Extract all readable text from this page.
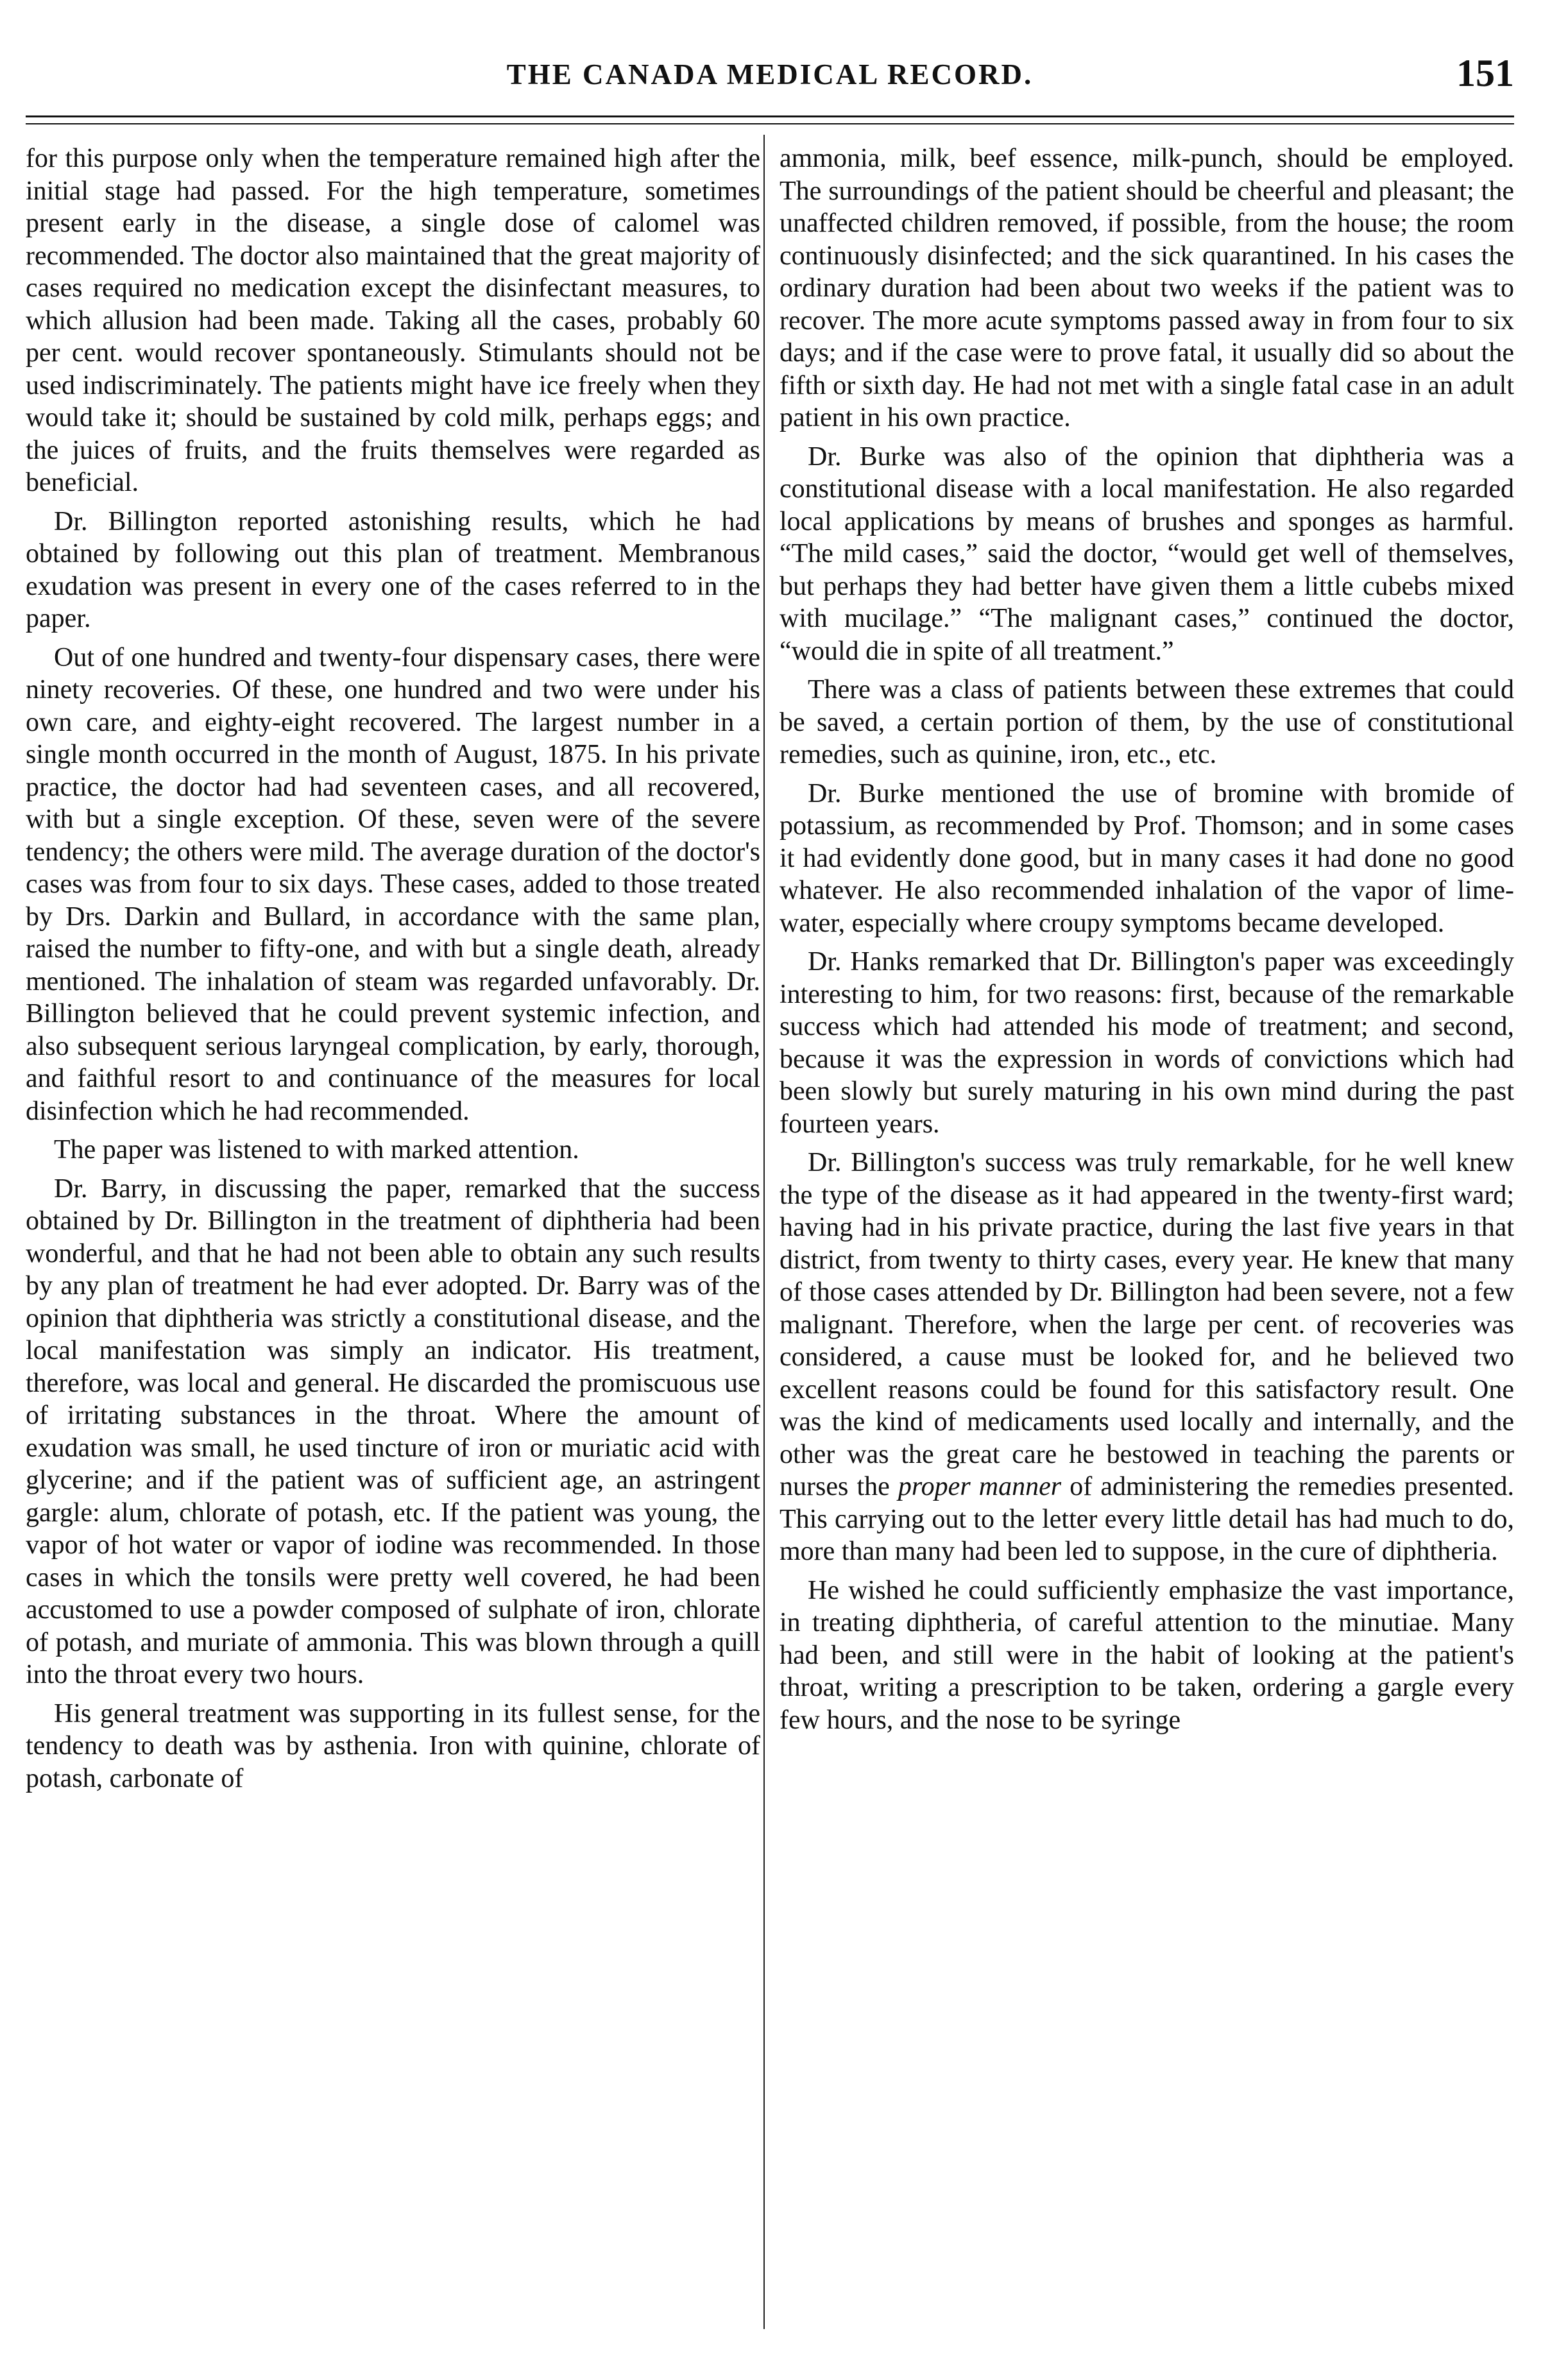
THE CANADA MEDICAL RECORD.	151

for this purpose only when the temperature remained high after the initial stage had passed. For the high temperature, sometimes present early in the disease, a single dose of calomel was recommended. The doctor also maintained that the great majority of cases required no medication except the disinfectant measures, to which allusion had been made. Taking all the cases, probably 60 per cent. would recover spontaneously. Stimulants should not be used indiscriminately. The patients might have ice freely when they would take it; should be sustained by cold milk, perhaps eggs; and the juices of fruits, and the fruits themselves were regarded as beneficial.

Dr. Billington reported astonishing results, which he had obtained by following out this plan of treatment. Membranous exudation was present in every one of the cases referred to in the paper.

Out of one hundred and twenty-four dispensary cases, there were ninety recoveries. Of these, one hundred and two were under his own care, and eighty-eight recovered. The largest number in a single month occurred in the month of August, 1875. In his private practice, the doctor had had seventeen cases, and all recovered, with but a single exception. Of these, seven were of the severe tendency; the others were mild. The average duration of the doctor's cases was from four to six days. These cases, added to those treated by Drs. Darkin and Bullard, in accordance with the same plan, raised the number to fifty-one, and with but a single death, already mentioned. The inhalation of steam was regarded unfavorably. Dr. Billington believed that he could prevent systemic infection, and also subsequent serious laryngeal complication, by early, thorough, and faithful resort to and continuance of the measures for local disinfection which he had recommended.

The paper was listened to with marked attention.

Dr. Barry, in discussing the paper, remarked that the success obtained by Dr. Billington in the treatment of diphtheria had been wonderful, and that he had not been able to obtain any such results by any plan of treatment he had ever adopted. Dr. Barry was of the opinion that diphtheria was strictly a constitutional disease, and the local manifestation was simply an indicator. His treatment, therefore, was local and general. He discarded the promiscuous use of irritating substances in the throat. Where the amount of exudation was small, he used tincture of iron or muriatic acid with glycerine; and if the patient was of sufficient age, an astringent gargle: alum, chlorate of potash, etc. If the patient was young, the vapor of hot water or vapor of iodine was recommended. In those cases in which the tonsils were pretty well covered, he had been accustomed to use a powder composed of sulphate of iron, chlorate of potash, and muriate of ammonia. This was blown through a quill into the throat every two hours.

His general treatment was supporting in its fullest sense, for the tendency to death was by asthenia. Iron with quinine, chlorate of potash, carbonate of

ammonia, milk, beef essence, milk-punch, should be employed. The surroundings of the patient should be cheerful and pleasant; the unaffected children removed, if possible, from the house; the room continuously disinfected; and the sick quarantined. In his cases the ordinary duration had been about two weeks if the patient was to recover. The more acute symptoms passed away in from four to six days; and if the case were to prove fatal, it usually did so about the fifth or sixth day. He had not met with a single fatal case in an adult patient in his own practice.

Dr. Burke was also of the opinion that diphtheria was a constitutional disease with a local manifestation. He also regarded local applications by means of brushes and sponges as harmful. “The mild cases,” said the doctor, “would get well of themselves, but perhaps they had better have given them a little cubebs mixed with mucilage.” “The malignant cases,” continued the doctor, “would die in spite of all treatment.”

There was a class of patients between these extremes that could be saved, a certain portion of them, by the use of constitutional remedies, such as quinine, iron, etc., etc.

Dr. Burke mentioned the use of bromine with bromide of potassium, as recommended by Prof. Thomson; and in some cases it had evidently done good, but in many cases it had done no good whatever. He also recommended inhalation of the vapor of lime-water, especially where croupy symptoms became developed.

Dr. Hanks remarked that Dr. Billington's paper was exceedingly interesting to him, for two reasons: first, because of the remarkable success which had attended his mode of treatment; and second, because it was the expression in words of convictions which had been slowly but surely maturing in his own mind during the past fourteen years.

Dr. Billington's success was truly remarkable, for he well knew the type of the disease as it had appeared in the twenty-first ward; having had in his private practice, during the last five years in that district, from twenty to thirty cases, every year. He knew that many of those cases attended by Dr. Billington had been severe, not a few malignant. Therefore, when the large per cent. of recoveries was considered, a cause must be looked for, and he believed two excellent reasons could be found for this satisfactory result. One was the kind of medicaments used locally and internally, and the other was the great care he bestowed in teaching the parents or nurses the proper manner of administering the remedies presented. This carrying out to the letter every little detail has had much to do, more than many had been led to suppose, in the cure of diphtheria.

He wished he could sufficiently emphasize the vast importance, in treating diphtheria, of careful attention to the minutiae. Many had been, and still were in the habit of looking at the patient's throat, writing a prescription to be taken, ordering a gargle every few hours, and the nose to be syringe
